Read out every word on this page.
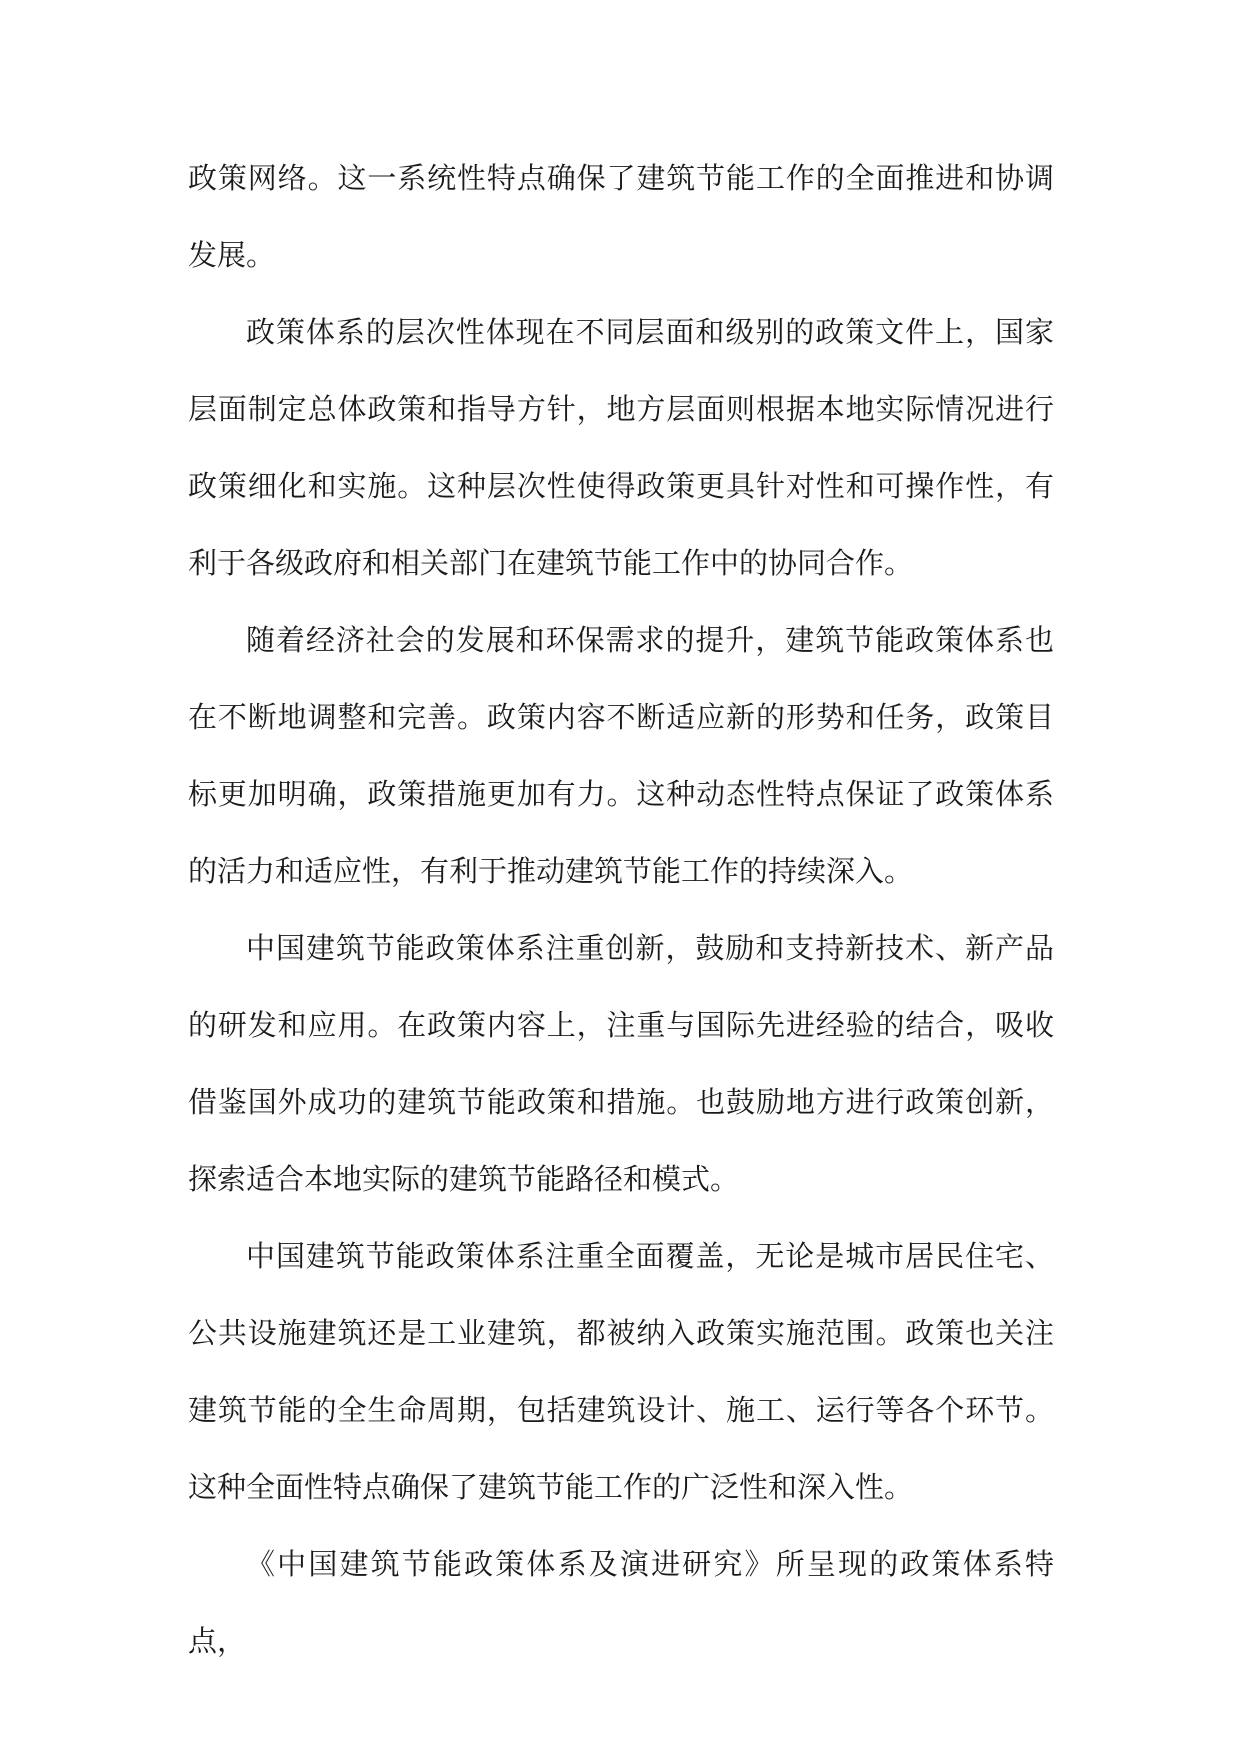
政策网络。这一系统性特点确保了建筑节能工作的全面推进和协调发展。

政策体系的层次性体现在不同层面和级别的政策文件上，国家层面制定总体政策和指导方针，地方层面则根据本地实际情况进行政策细化和实施。这种层次性使得政策更具针对性和可操作性，有利于各级政府和相关部门在建筑节能工作中的协同合作。

随着经济社会的发展和环保需求的提升，建筑节能政策体系也在不断地调整和完善。政策内容不断适应新的形势和任务，政策目标更加明确，政策措施更加有力。这种动态性特点保证了政策体系的活力和适应性，有利于推动建筑节能工作的持续深入。

中国建筑节能政策体系注重创新，鼓励和支持新技术、新产品的研发和应用。在政策内容上，注重与国际先进经验的结合，吸收借鉴国外成功的建筑节能政策和措施。也鼓励地方进行政策创新，探索适合本地实际的建筑节能路径和模式。

中国建筑节能政策体系注重全面覆盖，无论是城市居民住宅、公共设施建筑还是工业建筑，都被纳入政策实施范围。政策也关注建筑节能的全生命周期，包括建筑设计、施工、运行等各个环节。这种全面性特点确保了建筑节能工作的广泛性和深入性。

《中国建筑节能政策体系及演进研究》所呈现的政策体系特点，
